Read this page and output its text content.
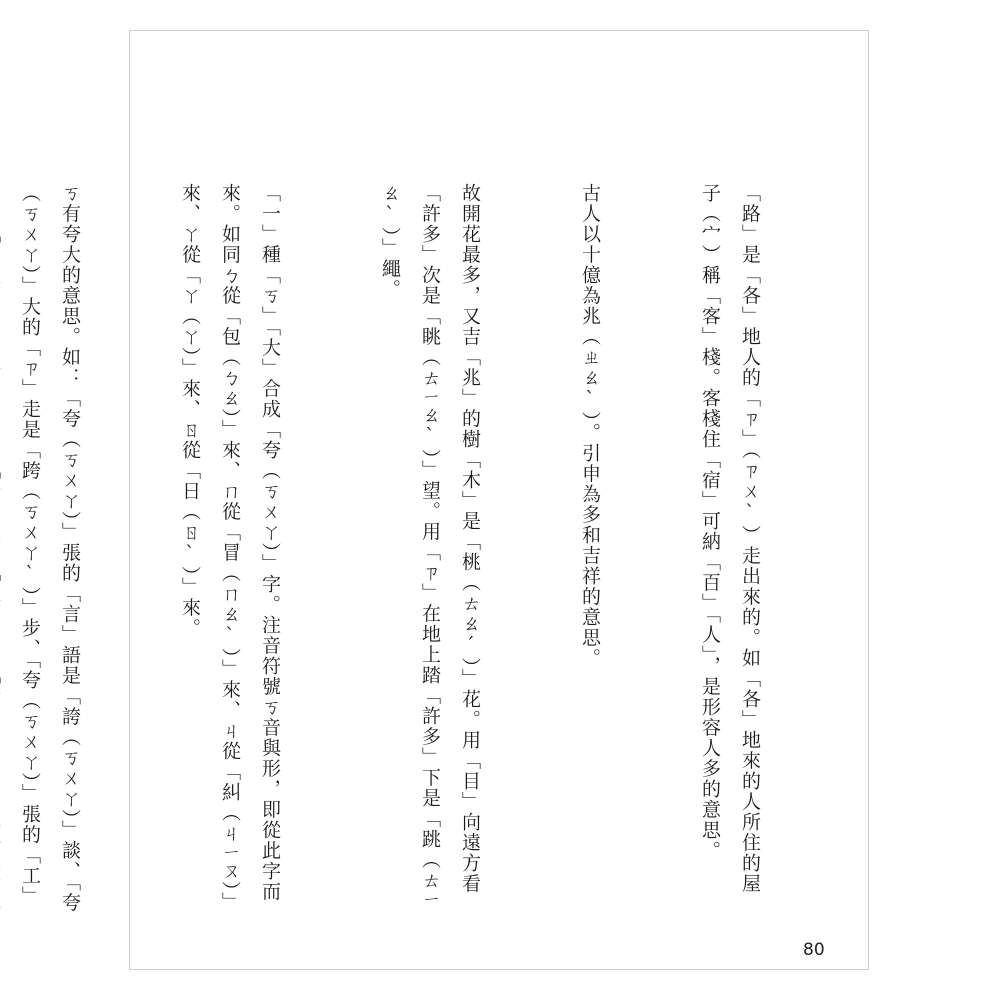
「路」是「各」地人的「ㄗ」（ㄗㄨˋ）走出來的。如「各」地來的人所住的屋子（宀）稱「客」棧。客棧住「宿」可納「百」「人」，是形容人多的意思。

古人以十億為兆（ㄓㄠˋ）。引申為多和吉祥的意思。

故開花最多，又吉「兆」的樹「木」是「桃（ㄊㄠˊ）」花。用「目」向遠方看「許多」次是「眺（ㄊㄧㄠˋ）」望。用「ㄗ」在地上踏「許多」下是「跳（ㄊㄧㄠˋ）」繩。

「一」種「ㄎ」「大」合成「夸（ㄎㄨㄚ）」字。注音符號ㄎ音與形，即從此字而來。如同ㄅ從「包（ㄅㄠ）」來、ㄇ從「冒（ㄇㄠˋ）」來、ㄐ從「糾（ㄐㄧㄡ）」來、ㄚ從「ㄚ（ㄚ）」來、ㄖ從「日（ㄖˋ）」來。

ㄎ有夸大的意思。如：「夸（ㄎㄨㄚ）」張的「言」語是「誇（ㄎㄨㄚ）」談、「夸（ㄎㄨㄚ）」大的「ㄗ」走是「跨（ㄎㄨㄚˋ）」步、「夸（ㄎㄨㄚ）」張的「工」

80
